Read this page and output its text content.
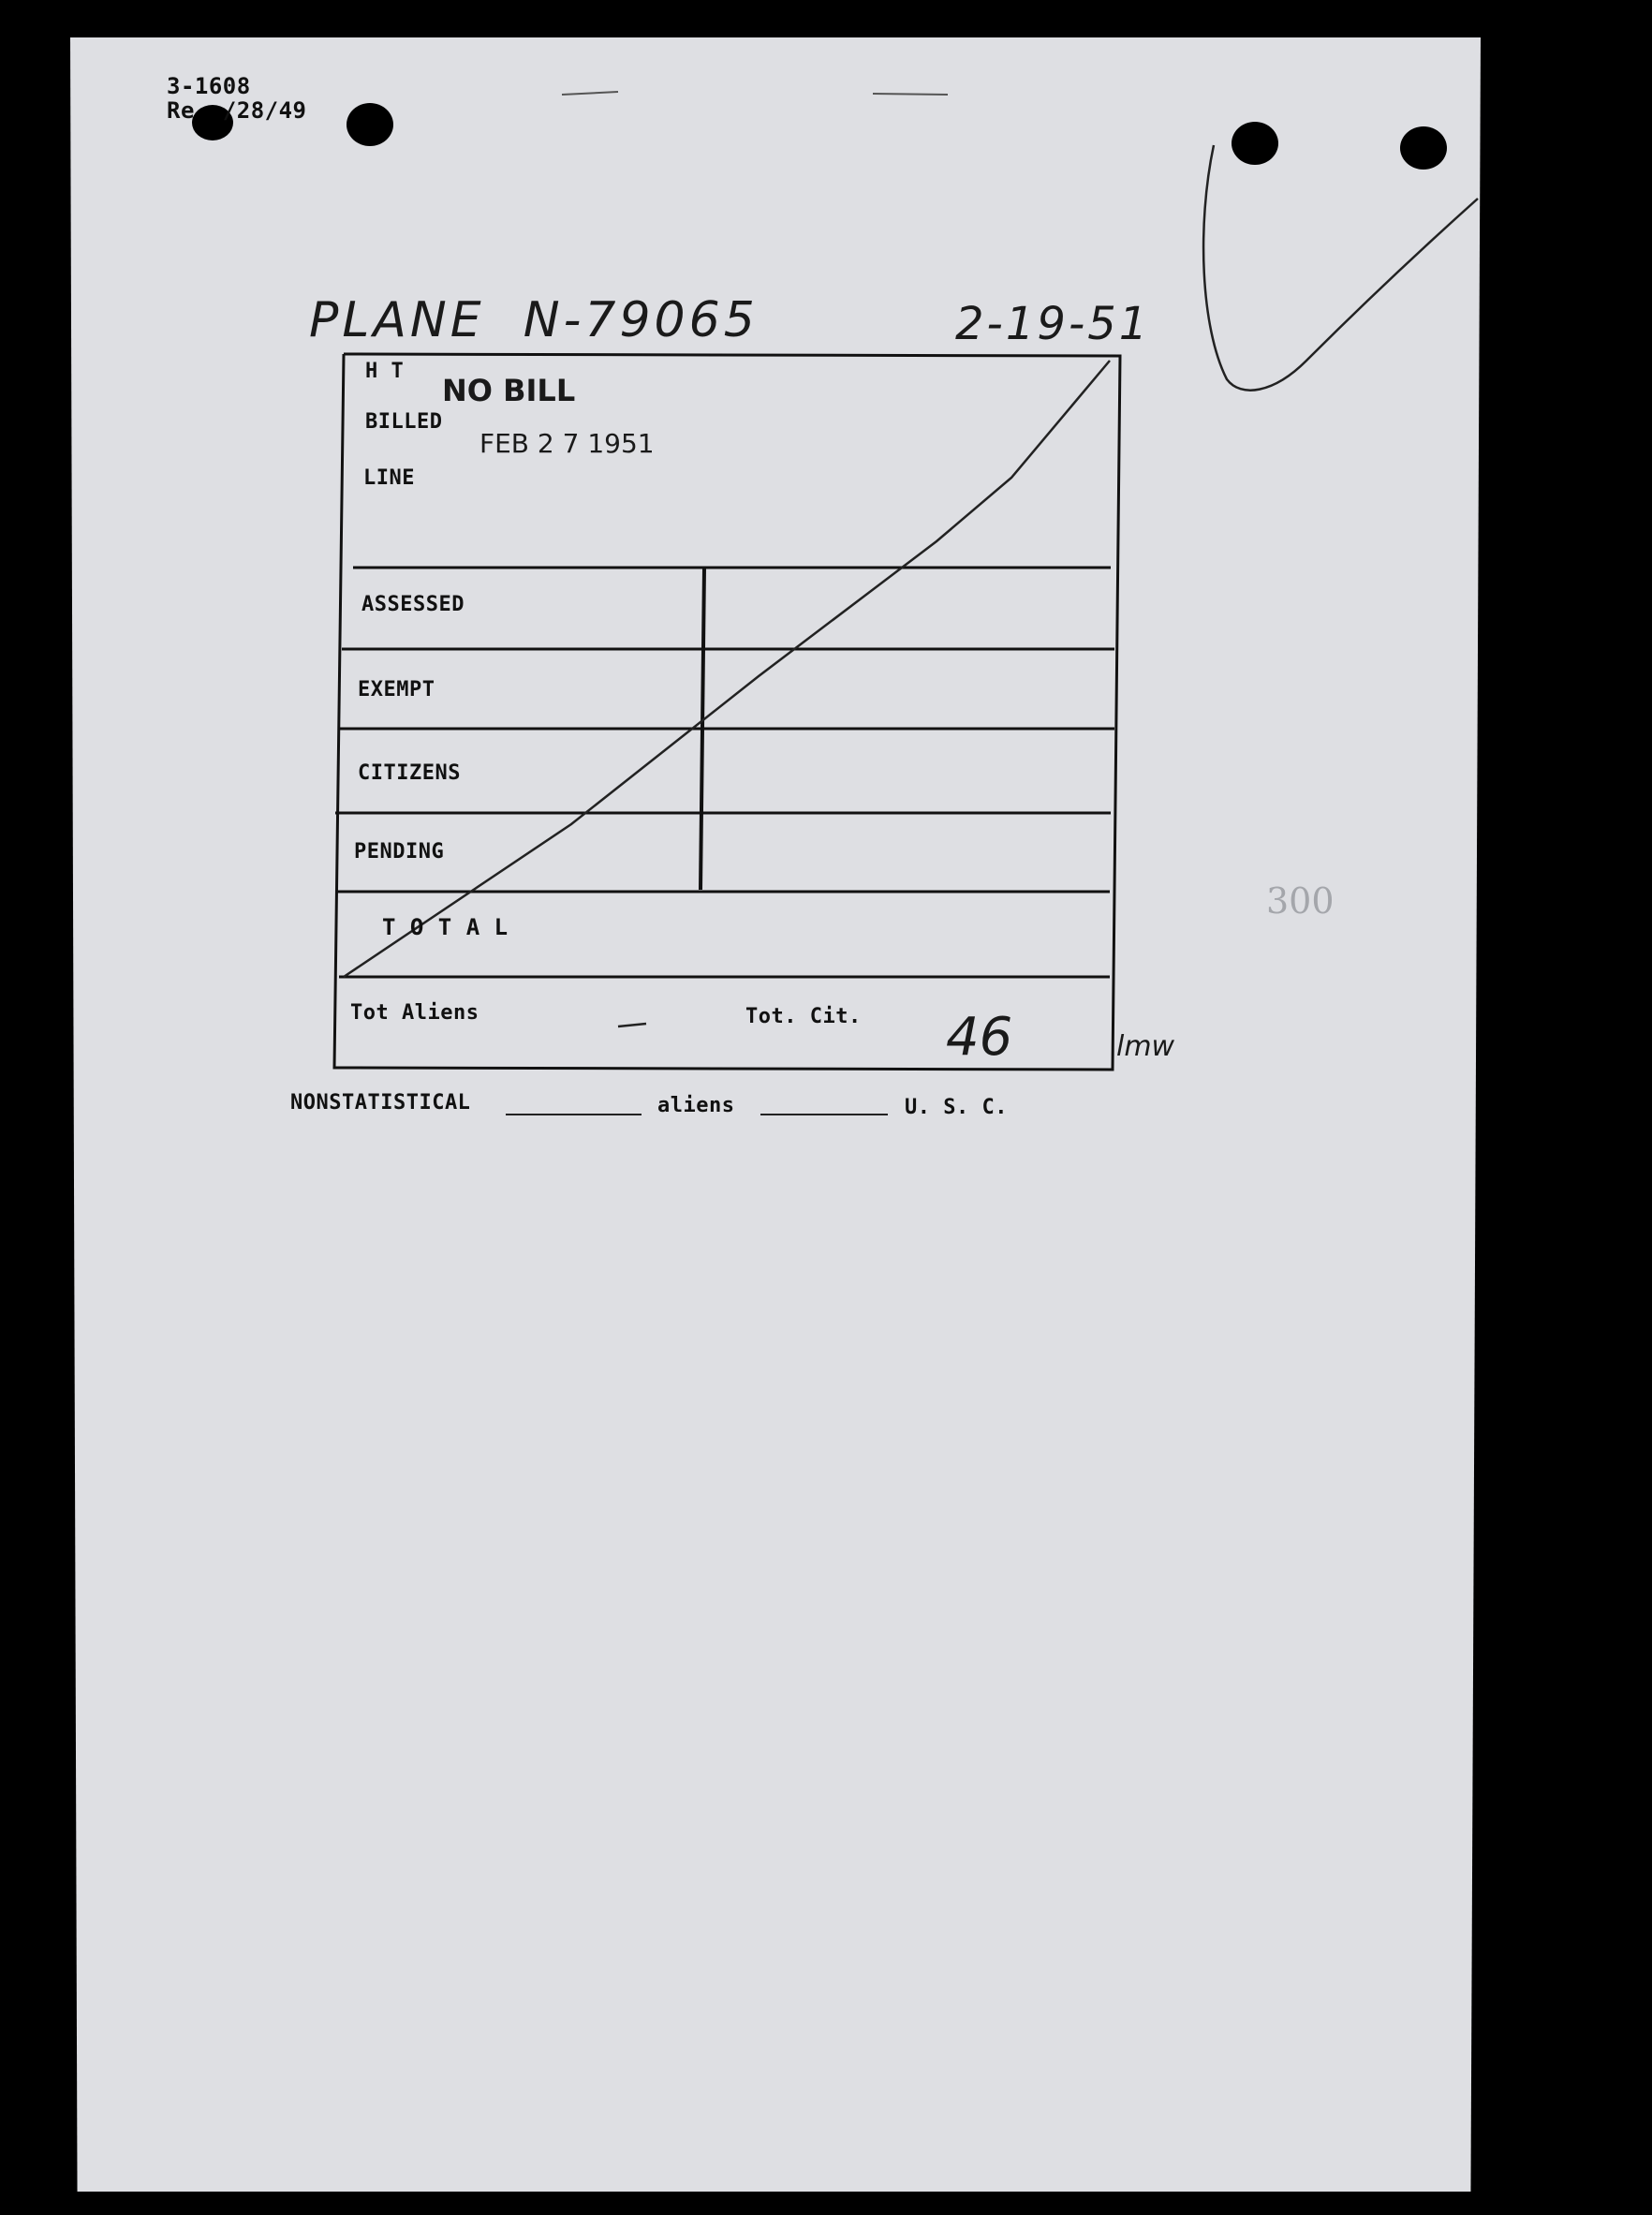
3-1608
Re  /28/49
PLANE  N-79065	2-19-51
H T
NO BILL
BILLED
FEB 2 7 1951
LINE
ASSESSED
EXEMPT
CITIZENS
PENDING
T O T A L
Tot Aliens	Tot. Cit. 46	lmw
NONSTATISTICAL	aliens	U. S. C.
300
